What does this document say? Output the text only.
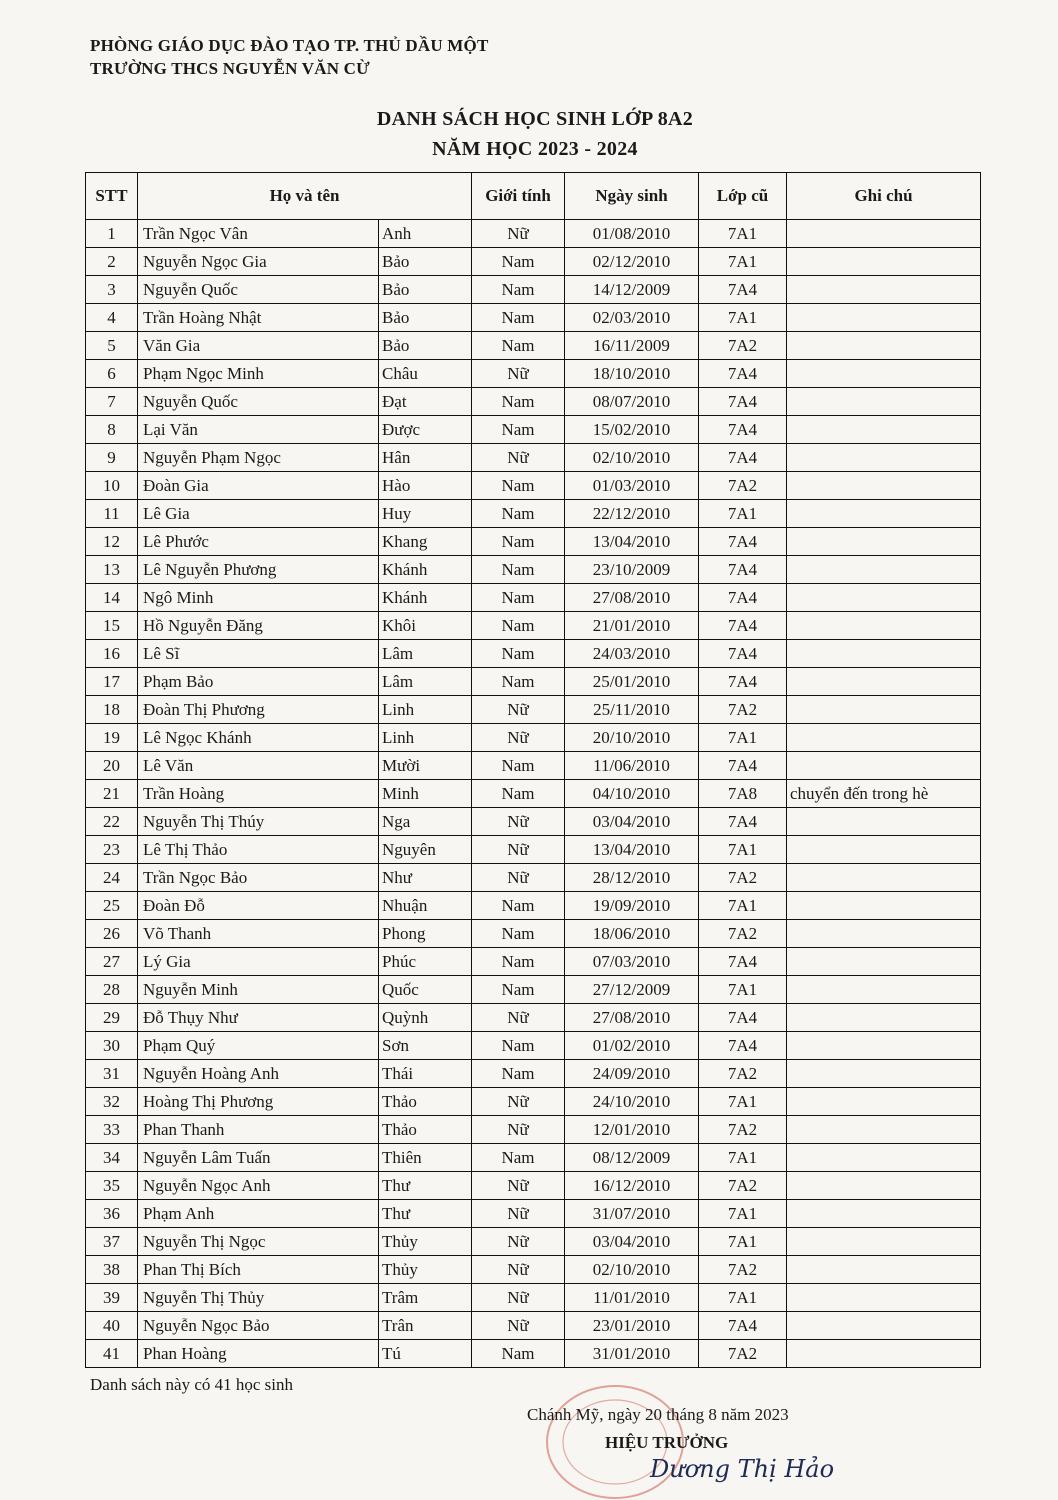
PHÒNG GIÁO DỤC ĐÀO TẠO TP. THỦ DẦU MỘT
TRƯỜNG THCS NGUYỄN VĂN CỪ
DANH SÁCH HỌC SINH LỚP 8A2
NĂM HỌC 2023 - 2024
STT	Họ và tên		Giới tính	Ngày sinh	Lớp cũ	Ghi chú
1	Trần Ngọc Vân	Anh	Nữ	01/08/2010	7A1	
2	Nguyễn Ngọc Gia	Bảo	Nam	02/12/2010	7A1	
3	Nguyễn Quốc	Bảo	Nam	14/12/2009	7A4	
4	Trần Hoàng Nhật	Bảo	Nam	02/03/2010	7A1	
5	Văn Gia	Bảo	Nam	16/11/2009	7A2	
6	Phạm Ngọc Minh	Châu	Nữ	18/10/2010	7A4	
7	Nguyễn Quốc	Đạt	Nam	08/07/2010	7A4	
8	Lại Văn	Được	Nam	15/02/2010	7A4	
9	Nguyễn Phạm Ngọc	Hân	Nữ	02/10/2010	7A4	
10	Đoàn Gia	Hào	Nam	01/03/2010	7A2	
11	Lê Gia	Huy	Nam	22/12/2010	7A1	
12	Lê Phước	Khang	Nam	13/04/2010	7A4	
13	Lê Nguyễn Phương	Khánh	Nam	23/10/2009	7A4	
14	Ngô Minh	Khánh	Nam	27/08/2010	7A4	
15	Hồ Nguyễn Đăng	Khôi	Nam	21/01/2010	7A4	
16	Lê Sĩ	Lâm	Nam	24/03/2010	7A4	
17	Phạm Bảo	Lâm	Nam	25/01/2010	7A4	
18	Đoàn Thị Phương	Linh	Nữ	25/11/2010	7A2	
19	Lê Ngọc Khánh	Linh	Nữ	20/10/2010	7A1	
20	Lê Văn	Mười	Nam	11/06/2010	7A4	
21	Trần Hoàng	Minh	Nam	04/10/2010	7A8	chuyển đến trong hè
22	Nguyễn Thị Thúy	Nga	Nữ	03/04/2010	7A4	
23	Lê Thị Thảo	Nguyên	Nữ	13/04/2010	7A1	
24	Trần Ngọc Bảo	Như	Nữ	28/12/2010	7A2	
25	Đoàn Đỗ	Nhuận	Nam	19/09/2010	7A1	
26	Võ Thanh	Phong	Nam	18/06/2010	7A2	
27	Lý Gia	Phúc	Nam	07/03/2010	7A4	
28	Nguyễn Minh	Quốc	Nam	27/12/2009	7A1	
29	Đỗ Thụy Như	Quỳnh	Nữ	27/08/2010	7A4	
30	Phạm Quý	Sơn	Nam	01/02/2010	7A4	
31	Nguyễn Hoàng Anh	Thái	Nam	24/09/2010	7A2	
32	Hoàng Thị Phương	Thảo	Nữ	24/10/2010	7A1	
33	Phan Thanh	Thảo	Nữ	12/01/2010	7A2	
34	Nguyễn Lâm Tuấn	Thiên	Nam	08/12/2009	7A1	
35	Nguyễn Ngọc Anh	Thư	Nữ	16/12/2010	7A2	
36	Phạm Anh	Thư	Nữ	31/07/2010	7A1	
37	Nguyễn Thị Ngọc	Thủy	Nữ	03/04/2010	7A1	
38	Phan Thị Bích	Thủy	Nữ	02/10/2010	7A2	
39	Nguyễn Thị Thủy	Trâm	Nữ	11/01/2010	7A1	
40	Nguyễn Ngọc Bảo	Trân	Nữ	23/01/2010	7A4	
41	Phan Hoàng	Tú	Nam	31/01/2010	7A2	
Danh sách này có 41 học sinh
Chánh Mỹ, ngày 20 tháng 8 năm 2023
HIỆU TRƯỞNG
Dương Thị Hảo
